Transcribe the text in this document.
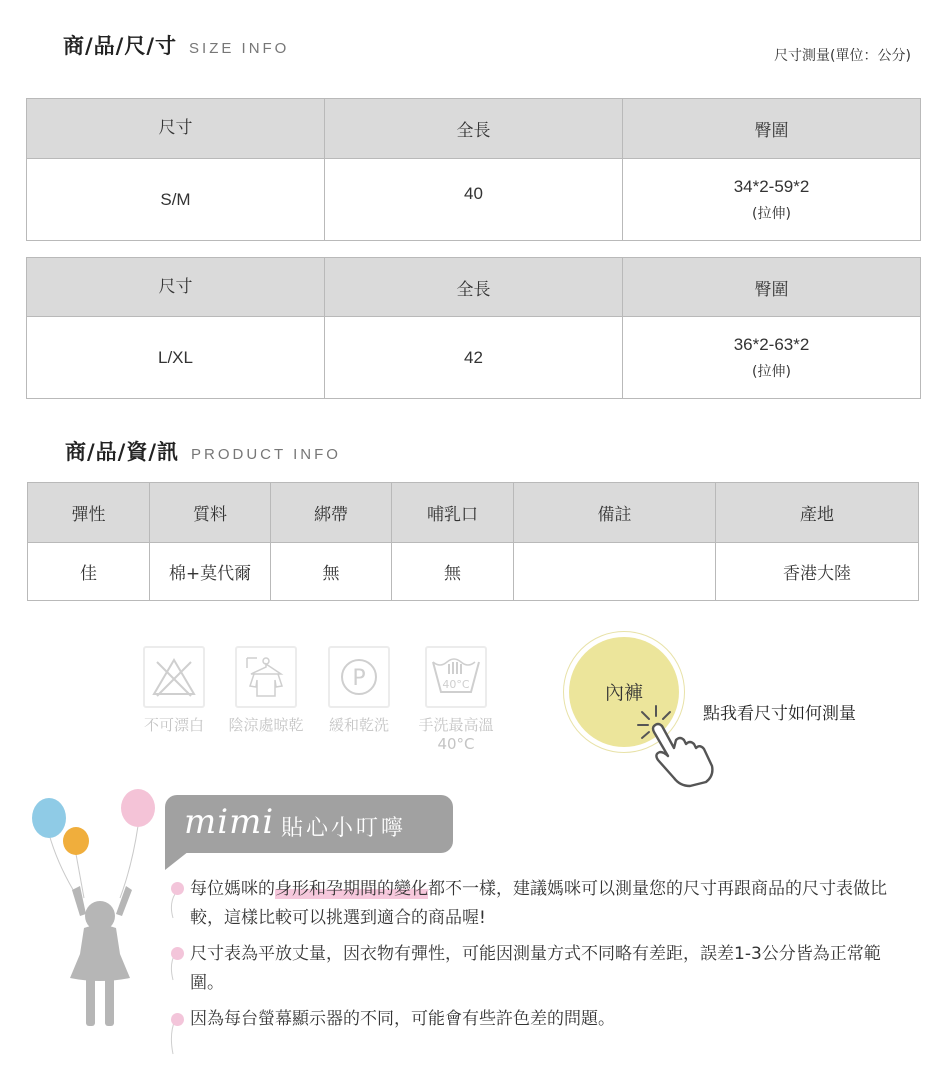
商/品/尺/寸 SIZE INFO	尺寸測量(單位：公分)
尺寸	全長	臀圍
S/M	40	34*2-59*2
(拉伸)
尺寸	全長	臀圍
L/XL	42	36*2-63*2
(拉伸)
商/品/資/訊 PRODUCT INFO
彈性	質料	綁帶	哺乳口	備註	產地
佳	棉+莫代爾	無	無		香港大陸
不可漂白	陰涼處晾乾
P
緩和乾洗
40°C
手洗最高溫
40°C
內褲
點我看尺寸如何測量
mimi 貼心小叮嚀
每位媽咪的身形和孕期間的變化都不一樣，建議媽咪可以測量您的尺寸再跟商品的尺寸表做比較，這樣比較可以挑選到適合的商品喔!
尺寸表為平放丈量，因衣物有彈性，可能因測量方式不同略有差距，誤差1-3公分皆為正常範圍。
因為每台螢幕顯示器的不同，可能會有些許色差的問題。
